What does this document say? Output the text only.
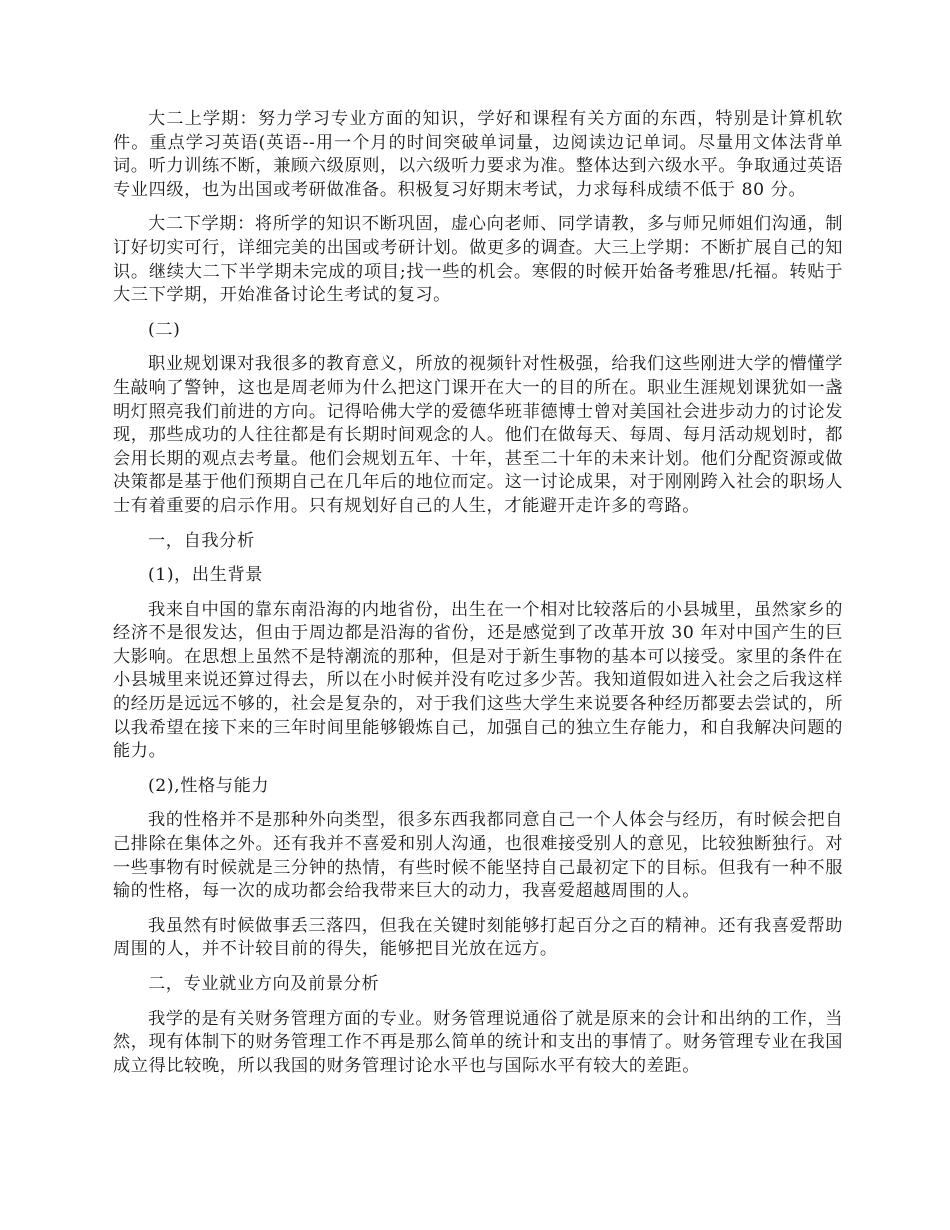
大二上学期：努力学习专业方面的知识，学好和课程有关方面的东西，特别是计算机软件。重点学习英语(英语--用一个月的时间突破单词量，边阅读边记单词。尽量用文体法背单词。听力训练不断，兼顾六级原则，以六级听力要求为准。整体达到六级水平。争取通过英语专业四级，也为出国或考研做准备。积极复习好期末考试，力求每科成绩不低于 80 分。

大二下学期：将所学的知识不断巩固，虚心向老师、同学请教，多与师兄师姐们沟通，制订好切实可行，详细完美的出国或考研计划。做更多的调查。大三上学期：不断扩展自己的知识。继续大二下半学期未完成的项目;找一些的机会。寒假的时候开始备考雅思/托福。转贴于 大三下学期，开始准备讨论生考试的复习。

(二)

职业规划课对我很多的教育意义，所放的视频针对性极强，给我们这些刚进大学的懵懂学生敲响了警钟，这也是周老师为什么把这门课开在大一的目的所在。职业生涯规划课犹如一盏明灯照亮我们前进的方向。记得哈佛大学的爱德华班菲德博士曾对美国社会进步动力的讨论发现，那些成功的人往往都是有长期时间观念的人。他们在做每天、每周、每月活动规划时，都会用长期的观点去考量。他们会规划五年、十年，甚至二十年的未来计划。他们分配资源或做决策都是基于他们预期自己在几年后的地位而定。这一讨论成果，对于刚刚跨入社会的职场人士有着重要的启示作用。只有规划好自己的人生，才能避开走许多的弯路。

一，自我分析

(1)，出生背景

我来自中国的靠东南沿海的内地省份，出生在一个相对比较落后的小县城里，虽然家乡的经济不是很发达，但由于周边都是沿海的省份，还是感觉到了改革开放 30 年对中国产生的巨大影响。在思想上虽然不是特潮流的那种，但是对于新生事物的基本可以接受。家里的条件在小县城里来说还算过得去，所以在小时候并没有吃过多少苦。我知道假如进入社会之后我这样的经历是远远不够的，社会是复杂的，对于我们这些大学生来说要各种经历都要去尝试的，所以我希望在接下来的三年时间里能够锻炼自己，加强自己的独立生存能力，和自我解决问题的能力。

(2),性格与能力

我的性格并不是那种外向类型，很多东西我都同意自己一个人体会与经历，有时候会把自己排除在集体之外。还有我并不喜爱和别人沟通，也很难接受别人的意见，比较独断独行。对一些事物有时候就是三分钟的热情，有些时候不能坚持自己最初定下的目标。但我有一种不服输的性格，每一次的成功都会给我带来巨大的动力，我喜爱超越周围的人。

我虽然有时候做事丢三落四，但我在关键时刻能够打起百分之百的精神。还有我喜爱帮助周围的人，并不计较目前的得失，能够把目光放在远方。

二，专业就业方向及前景分析

我学的是有关财务管理方面的专业。财务管理说通俗了就是原来的会计和出纳的工作，当然，现有体制下的财务管理工作不再是那么简单的统计和支出的事情了。财务管理专业在我国成立得比较晚，所以我国的财务管理讨论水平也与国际水平有较大的差距。
